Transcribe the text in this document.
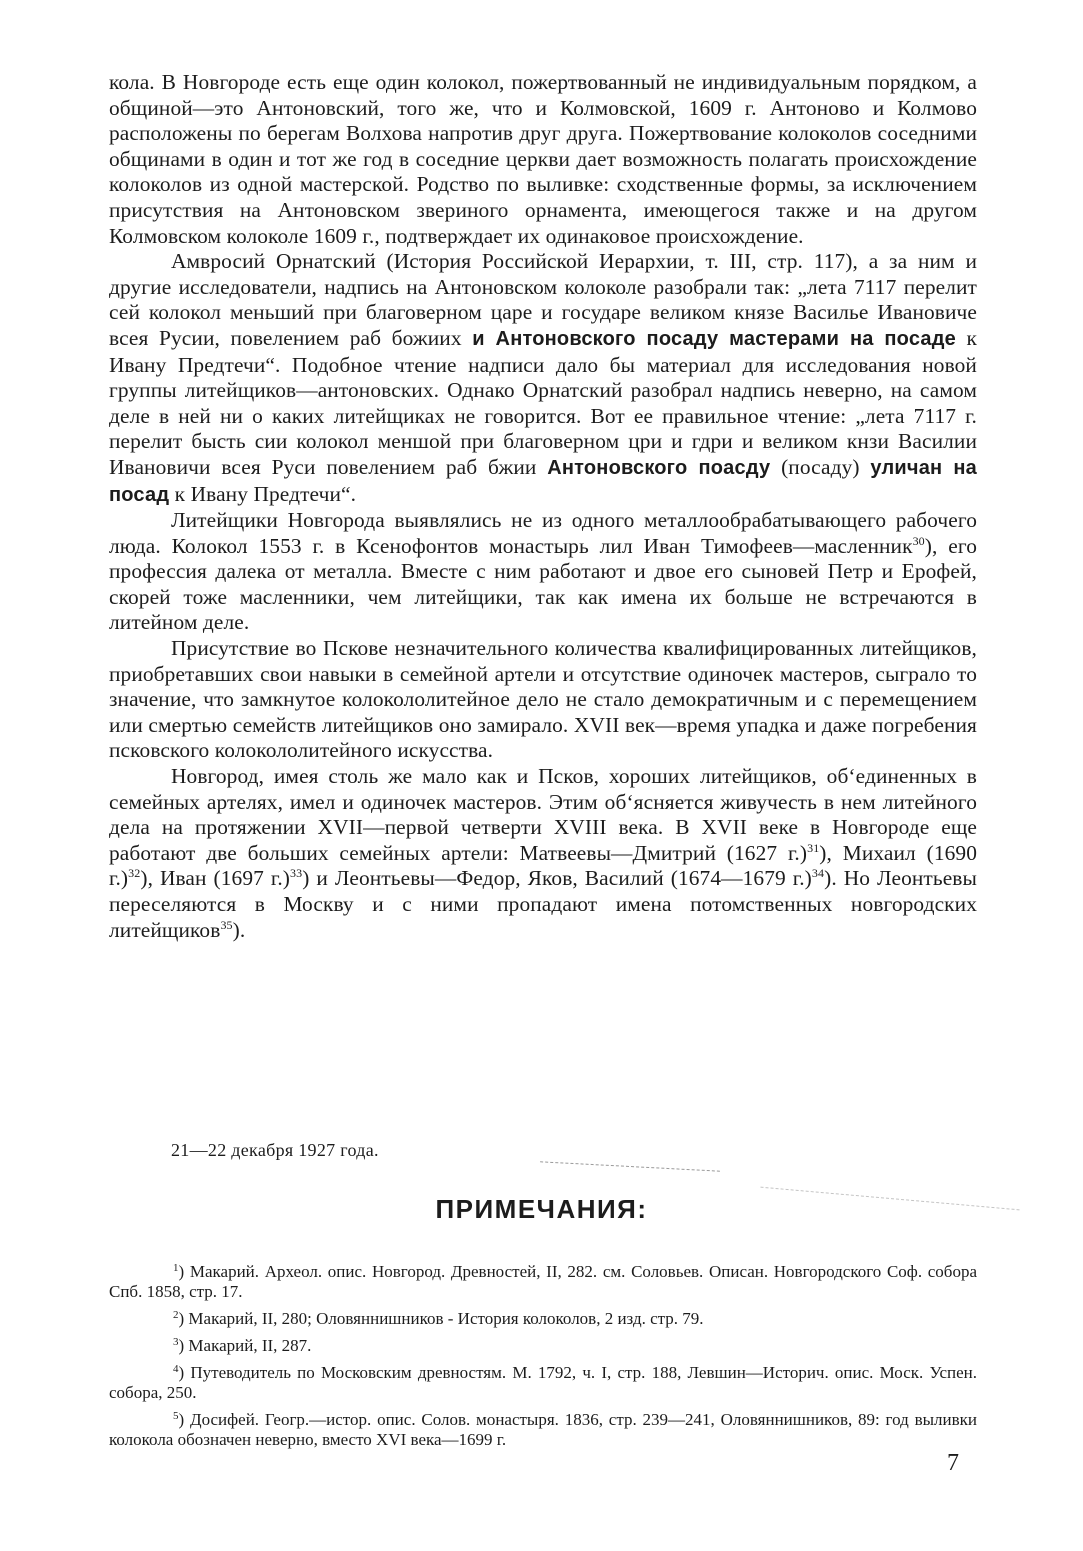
кола. В Новгороде есть еще один колокол, пожертвованный не индивидуальным порядком, а общиной—это Антоновский, того же, что и Колмовской, 1609 г. Антоново и Колмово расположены по берегам Волхова напротив друг друга. Пожертвование колоколов соседними общинами в один и тот же год в соседние церкви дает возможность полагать происхождение колоколов из одной мастерской. Родство по выливке: сходственные формы, за исключением присутствия на Антоновском звериного орнамента, имеющегося также и на другом Колмовском колоколе 1609 г., подтверждает их одинаковое происхождение.

Амвросий Орнатский (История Российской Иерархии, т. III, стр. 117), а за ним и другие исследователи, надпись на Антоновском колоколе разобрали так: „лета 7117 перелит сей колокол меньший при благоверном царе и государе великом князе Василье Ивановиче всея Русии, повелением раб божиих и Антоновского посаду мастерами на посаде к Ивану Предтечи“. Подобное чтение надписи дало бы материал для исследования новой группы литейщиков—антоновских. Однако Орнатский разобрал надпись неверно, на самом деле в ней ни о каких литейщиках не говорится. Вот ее правильное чтение: „лета 7117 г. перелит бысть сии колокол меншой при благоверном цри и гдри и великом кнзи Василии Ивановичи всея Руси повелением раб бжии Антоновского поасду (посаду) уличан на посад к Ивану Предтечи“.

Литейщики Новгорода выявлялись не из одного металлообрабатывающего рабочего люда. Колокол 1553 г. в Ксенофонтов монастырь лил Иван Тимофеев—масленник$^{30}$), его профессия далека от металла. Вместе с ним работают и двое его сыновей Петр и Ерофей, скорей тоже масленники, чем литейщики, так как имена их больше не встречаются в литейном деле.

Присутствие во Пскове незначительного количества квалифицированных литейщиков, приобретавших свои навыки в семейной артели и отсутствие одиночек мастеров, сыграло то значение, что замкнутое колокололитейное дело не стало демократичным и с перемещением или смертью семейств литейщиков оно замирало. XVII век—время упадка и даже погребения псковского колокололитейного искусства.

Новгород, имея столь же мало как и Псков, хороших литейщиков, об‘единенных в семейных артелях, имел и одиночек мастеров. Этим об‘ясняется живучесть в нем литейного дела на протяжении XVII—первой четверти XVIII века. В XVII веке в Новгороде еще работают две больших семейных артели: Матвеевы—Дмитрий (1627 г.)$^{31}$), Михаил (1690 г.)$^{32}$), Иван (1697 г.)$^{33}$) и Леонтьевы—Федор, Яков, Василий (1674—1679 г.)$^{34}$). Но Леонтьевы переселяются в Москву и с ними пропадают имена потомственных новгородских литейщиков$^{35}$).

21—22 декабря 1927 года.
ПРИМЕЧАНИЯ:

$^1$) Макарий. Археол. опис. Новгород. Древностей, II, 282. см. Соловьев. Описан. Новгородского Соф. собора Спб. 1858, стр. 17.

$^2$) Макарий, II, 280; Оловяннишников - История колоколов, 2 изд. стр. 79.

$^3$) Макарий, II, 287.

$^4$) Путеводитель по Московским древностям. М. 1792, ч. I, стр. 188, Левшин—Историч. опис. Моск. Успен. собора, 250.

$^5$) Досифей. Геогр.—истор. опис. Солов. монастыря. 1836, стр. 239—241, Оловяннишников, 89: год выливки колокола обозначен неверно, вместо XVI века—1699 г.

7
